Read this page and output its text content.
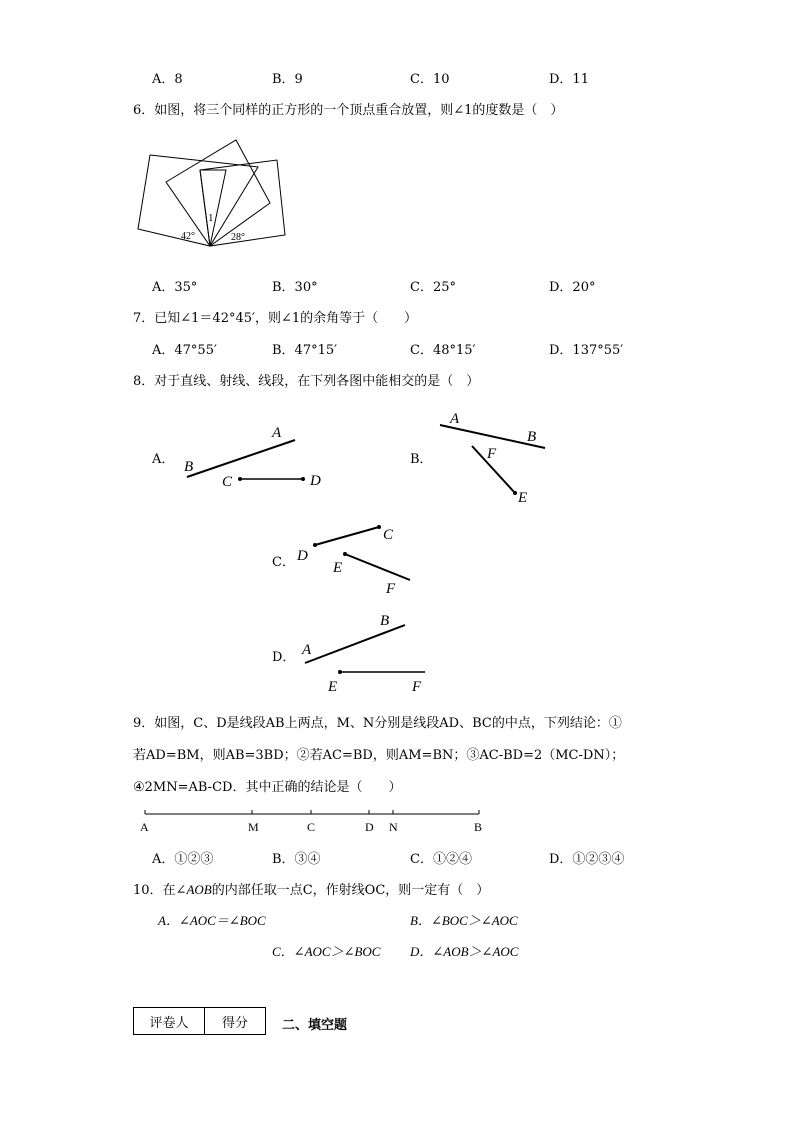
A．8	B．9	C．10	D．11
6．如图，将三个同样的正方形的一个顶点重合放置，则∠1的度数是（　）
1
42°	28°
A．35°	B．30°	C．25°	D．20°
7．已知∠1＝42°45′，则∠1的余角等于（　　）
A．47°55′	B．47°15′	C．48°15′	D．137°55′
8．对于直线、射线、线段，在下列各图中能相交的是（　）
A．
A
B
C	D
B．
A
B
F
E
C． D
C
E
F
D． A
B
E	F
9．如图，C、D是线段AB上两点，M、N分别是线段AD、BC的中点，下列结论：①
若AD=BM，则AB=3BD；②若AC=BD，则AM=BN；③AC-BD=2（MC-DN）；
④2MN=AB-CD．其中正确的结论是（　　）
A	M	C	D N	B
A．①②③	B．③④	C．①②④	D．①②③④
10．在∠AOB的内部任取一点C，作射线OC，则一定有（　）
A．∠AOC＝∠BOC	B．∠BOC＞∠AOC
C．∠AOC＞∠BOC D．∠AOB＞∠AOC
评卷人	得分	二、填空题
